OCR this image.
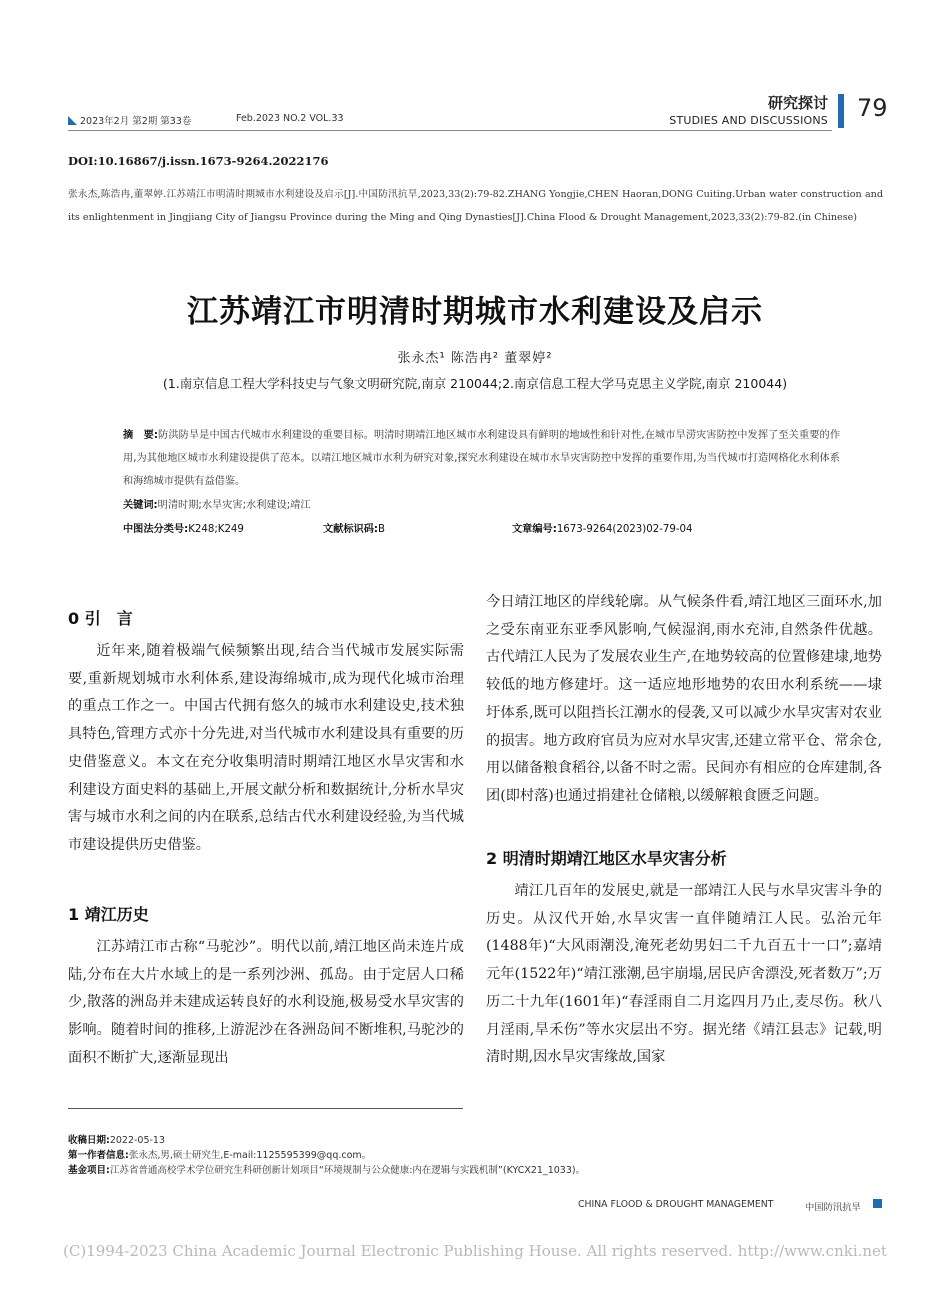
2023年2月 第2期 第33卷	Feb.2023 NO.2 VOL.33
研究探讨
STUDIES AND DISCUSSIONS 79
DOI:10.16867/j.issn.1673-9264.2022176
张永杰,陈浩冉,董翠婷.江苏靖江市明清时期城市水利建设及启示[J].中国防汛抗旱,2023,33(2):79-82.ZHANG Yongjie,CHEN Haoran,DONG Cuiting.Urban water construction and its enlightenment in Jingjiang City of Jiangsu Province during the Ming and Qing Dynasties[J].China Flood & Drought Management,2023,33(2):79-82.(in Chinese)
江苏靖江市明清时期城市水利建设及启示
张永杰¹ 陈浩冉² 董翠婷²
(1.南京信息工程大学科技史与气象文明研究院,南京 210044;2.南京信息工程大学马克思主义学院,南京 210044)
摘　要:防洪防旱是中国古代城市水利建设的重要目标。明清时期靖江地区城市水利建设具有鲜明的地域性和针对性,在城市旱涝灾害防控中发挥了至关重要的作用,为其他地区城市水利建设提供了范本。以靖江地区城市水利为研究对象,探究水利建设在城市水旱灾害防控中发挥的重要作用,为当代城市打造网格化水利体系和海绵城市提供有益借鉴。
关键词:明清时期;水旱灾害;水利建设;靖江
中图法分类号:K248;K249	文献标识码:B	文章编号:1673-9264(2023)02-79-04
0 引　言

近年来,随着极端气候频繁出现,结合当代城市发展实际需要,重新规划城市水利体系,建设海绵城市,成为现代化城市治理的重点工作之一。中国古代拥有悠久的城市水利建设史,技术独具特色,管理方式亦十分先进,对当代城市水利建设具有重要的历史借鉴意义。本文在充分收集明清时期靖江地区水旱灾害和水利建设方面史料的基础上,开展文献分析和数据统计,分析水旱灾害与城市水利之间的内在联系,总结古代水利建设经验,为当代城市建设提供历史借鉴。

1 靖江历史

江苏靖江市古称“马驼沙”。明代以前,靖江地区尚未连片成陆,分布在大片水域上的是一系列沙洲、孤岛。由于定居人口稀少,散落的洲岛并未建成运转良好的水利设施,极易受水旱灾害的影响。随着时间的推移,上游泥沙在各洲岛间不断堆积,马驼沙的面积不断扩大,逐渐显现出

今日靖江地区的岸线轮廓。从气候条件看,靖江地区三面环水,加之受东南亚东亚季风影响,气候湿润,雨水充沛,自然条件优越。古代靖江人民为了发展农业生产,在地势较高的位置修建埭,地势较低的地方修建圩。这一适应地形地势的农田水利系统——埭圩体系,既可以阻挡长江潮水的侵袭,又可以减少水旱灾害对农业的损害。地方政府官员为应对水旱灾害,还建立常平仓、常余仓,用以储备粮食稻谷,以备不时之需。民间亦有相应的仓库建制,各团(即村落)也通过捐建社仓储粮,以缓解粮食匮乏问题。

2 明清时期靖江地区水旱灾害分析

靖江几百年的发展史,就是一部靖江人民与水旱灾害斗争的历史。从汉代开始,水旱灾害一直伴随靖江人民。弘治元年(1488年)“大风雨潮没,淹死老幼男妇二千九百五十一口”;嘉靖元年(1522年)“靖江涨潮,邑宇崩塌,居民庐舍漂没,死者数万”;万历二十九年(1601年)“春淫雨自二月迄四月乃止,麦尽伤。秋八月淫雨,旱禾伤”等水灾层出不穷。据光绪《靖江县志》记载,明清时期,因水旱灾害缘故,国家

收稿日期:2022-05-13
第一作者信息:张永杰,男,硕士研究生,E-mail:1125595399@qq.com。
基金项目:江苏省普通高校学术学位研究生科研创新计划项目“环境规制与公众健康:内在逻辑与实践机制”(KYCX21_1033)。
CHINA FLOOD & DROUGHT MANAGEMENT	中国防汛抗旱
(C)1994-2023 China Academic Journal Electronic Publishing House. All rights reserved. http://www.cnki.net
